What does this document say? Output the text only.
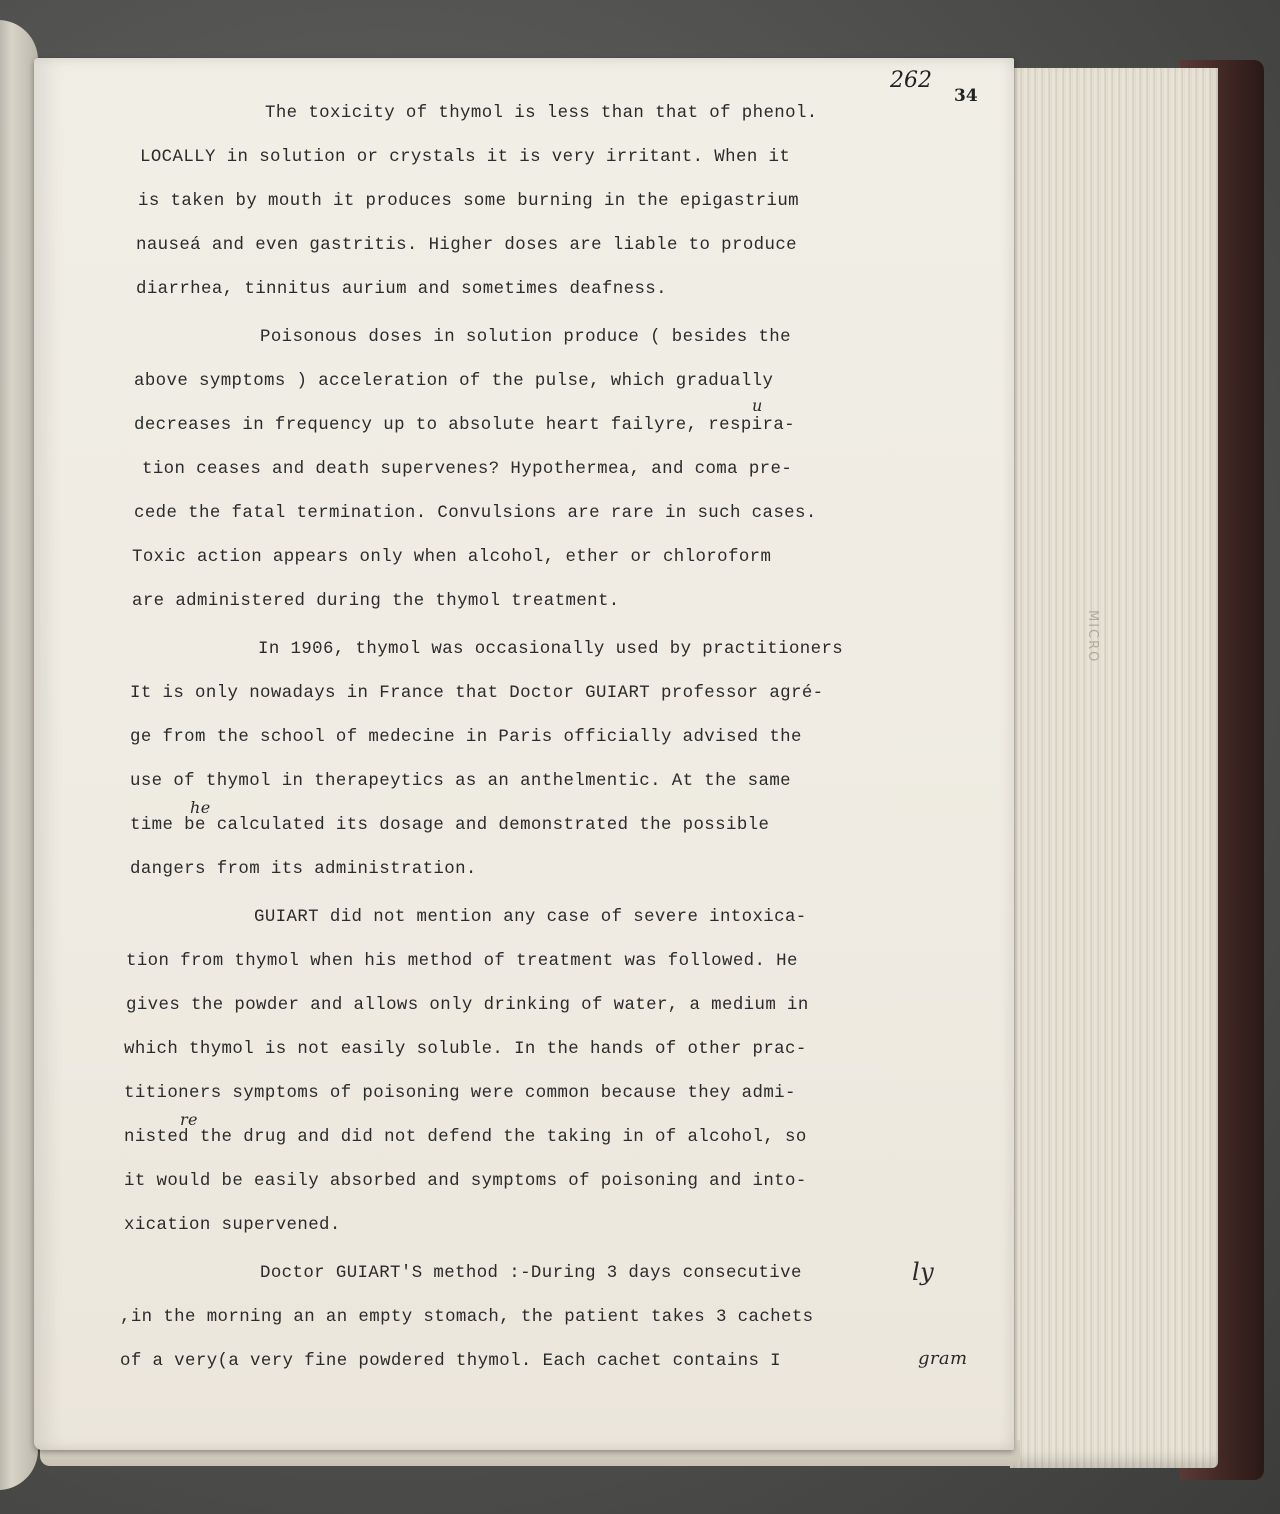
MICRO
262
34
The toxicity of thymol is less than that of phenol.
LOCALLY in solution or crystals it is very irritant. When it
is taken by mouth it produces some burning in the epigastrium
nauseá and even gastritis. Higher doses are liable to produce
diarrhea, tinnitus aurium and sometimes deafness.
Poisonous doses in solution produce ( besides the
above symptoms ) acceleration of the pulse, which gradually
decreases in frequency up to absolute heart failyre, respira-
tion ceases and death supervenes? Hypothermea, and coma pre-
cede the fatal termination. Convulsions are rare in such cases.
Toxic action appears only when alcohol, ether or chloroform
are administered during the thymol treatment.
In 1906, thymol was occasionally used by practitioners
It is only nowadays in France that Doctor GUIART professor agré-
ge from the school of medecine in Paris officially advised the
use of thymol in therapeytics as an anthelmentic. At the same
time be calculated its dosage and demonstrated the possible
dangers from its administration.
GUIART did not mention any case of severe intoxica-
tion from thymol when his method of treatment was followed. He
gives the powder and allows only drinking of water, a medium in
which thymol is not easily soluble. In the hands of other prac-
titioners symptoms of poisoning were common because they admi-
nisted the drug and did not defend the taking in of alcohol, so
it would be easily absorbed and symptoms of poisoning and into-
xication supervened.
Doctor GUIART'S method :-During 3 days consecutive
,in the morning an an empty stomach, the patient takes 3 cachets
of a very(a very fine powdered thymol. Each cachet contains I
u
he
re
ly
gram
